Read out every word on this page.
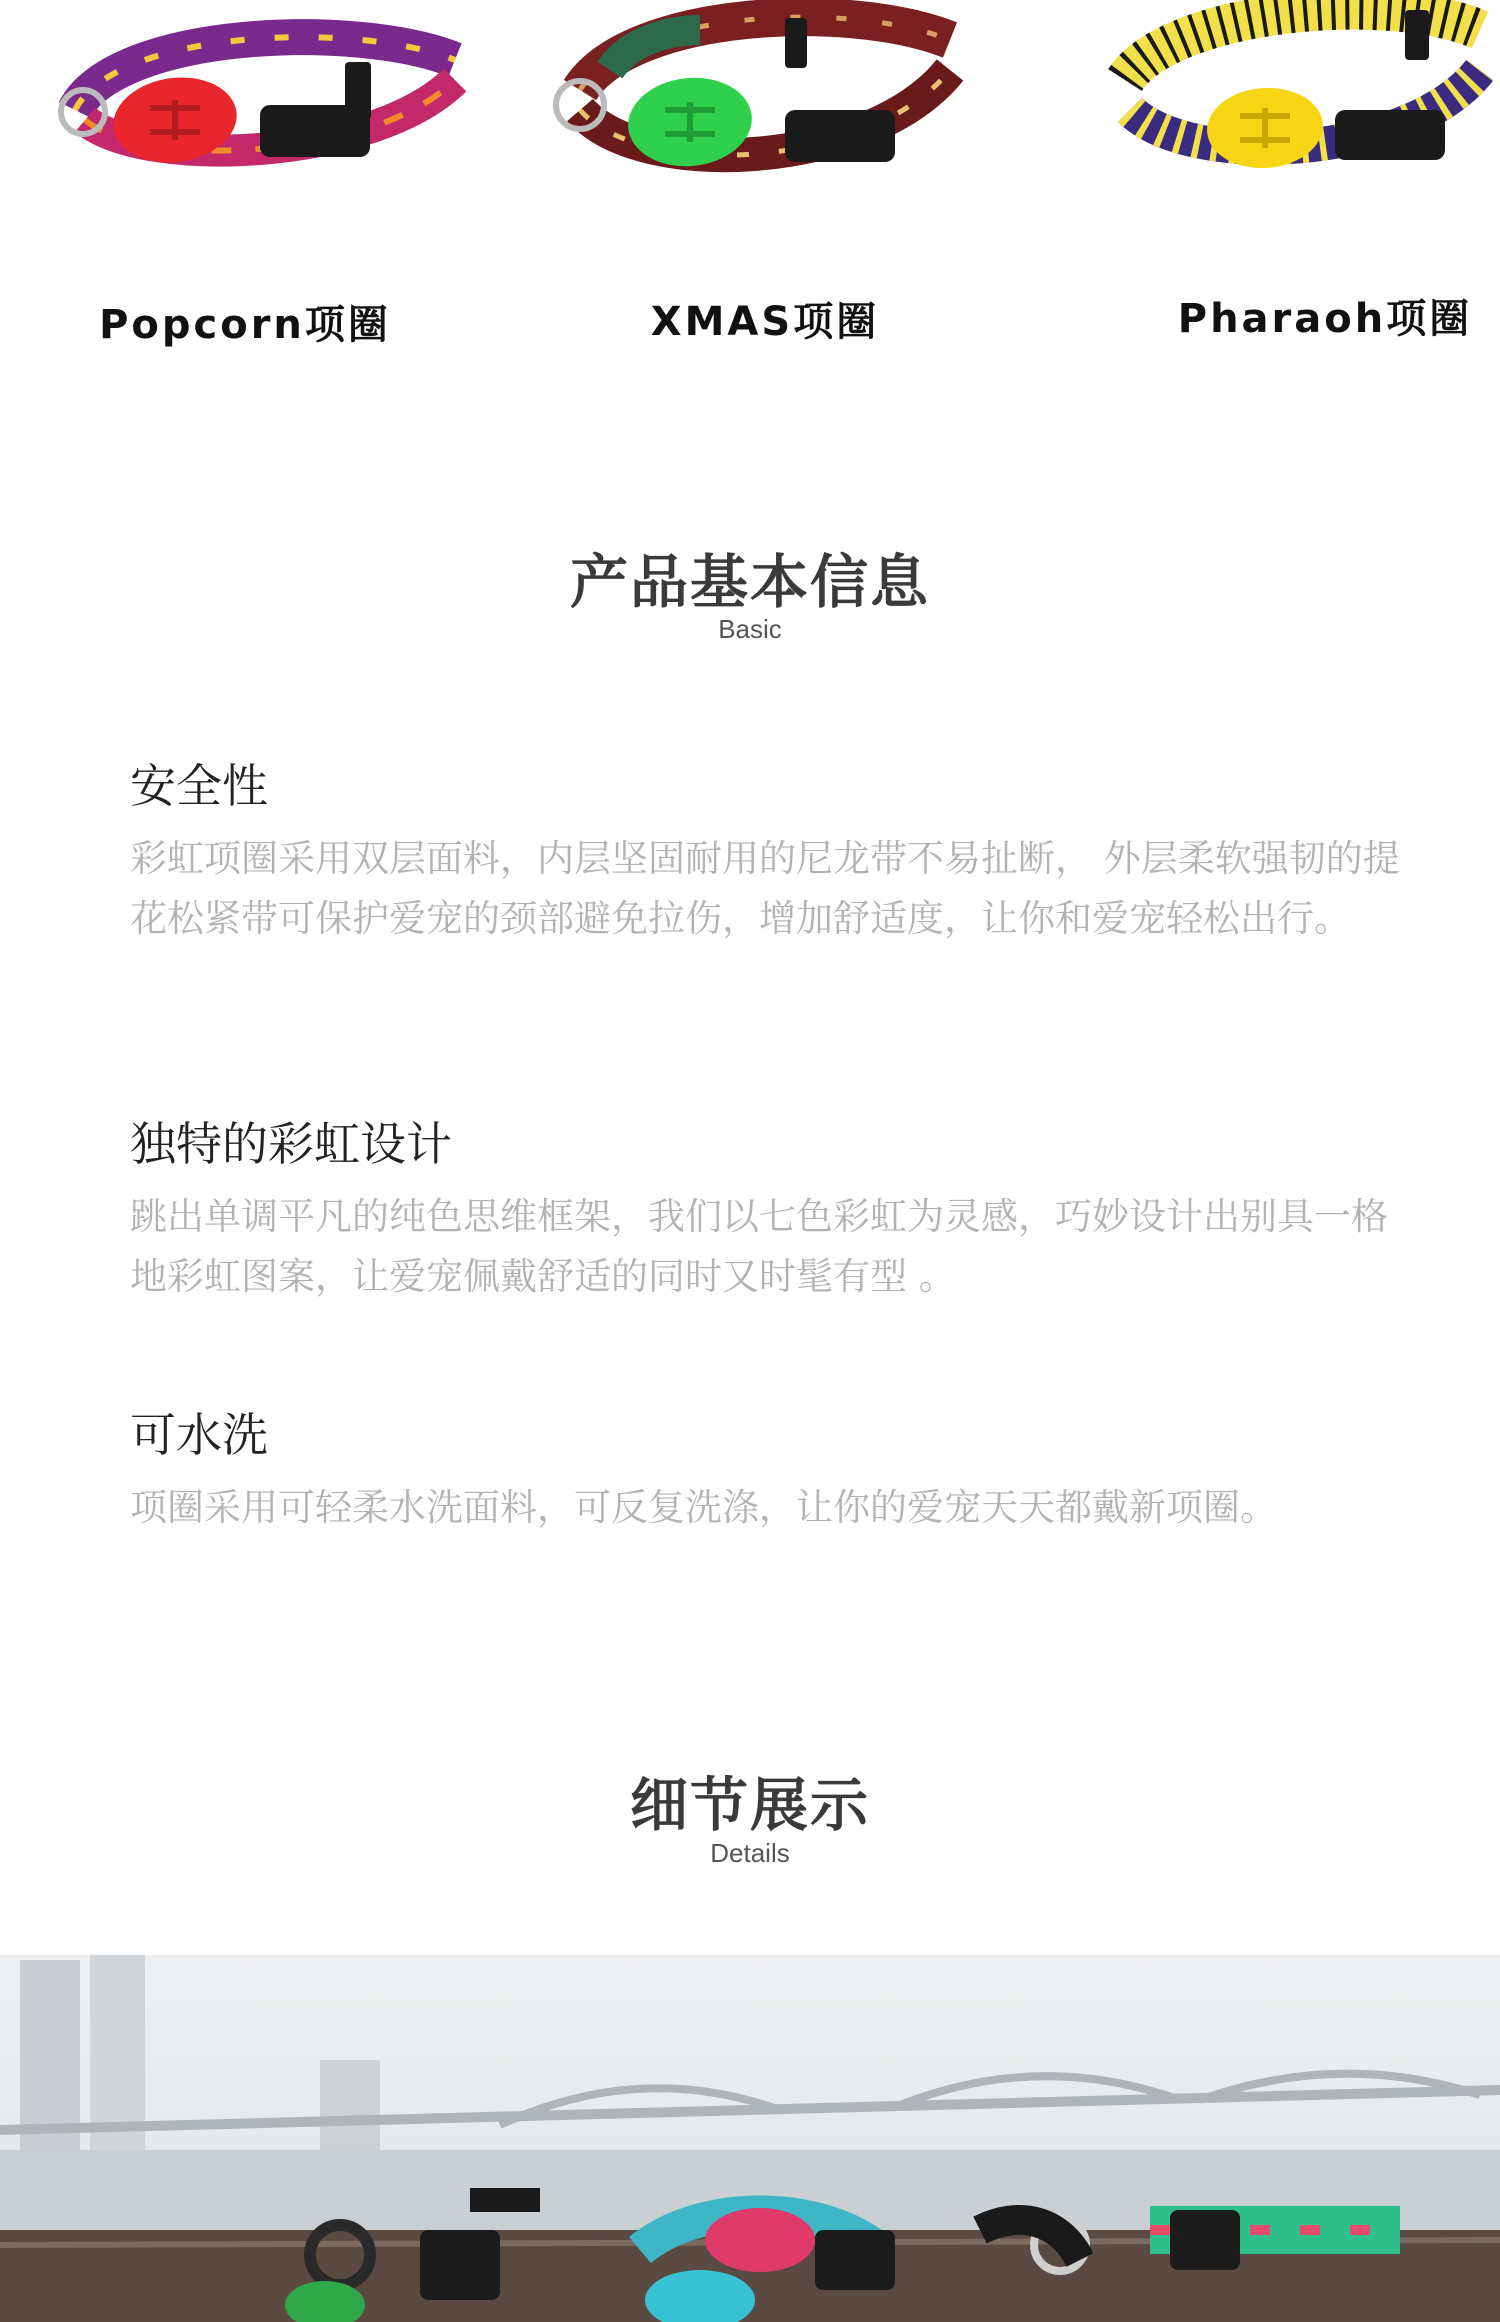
Popcorn项圈	XMAS项圈	Pharaoh项圈
产品基本信息
Basic

安全性

彩虹项圈采用双层面料，内层坚固耐用的尼龙带不易扯断， 外层柔软强韧的提花松紧带可保护爱宠的颈部避免拉伤，增加舒适度，让你和爱宠轻松出行。

独特的彩虹设计

跳出单调平凡的纯色思维框架，我们以七色彩虹为灵感，巧妙设计出别具一格地彩虹图案，让爱宠佩戴舒适的同时又时髦有型 。

可水洗

项圈采用可轻柔水洗面料，可反复洗涤，让你的爱宠天天都戴新项圈。

细节展示
Details
